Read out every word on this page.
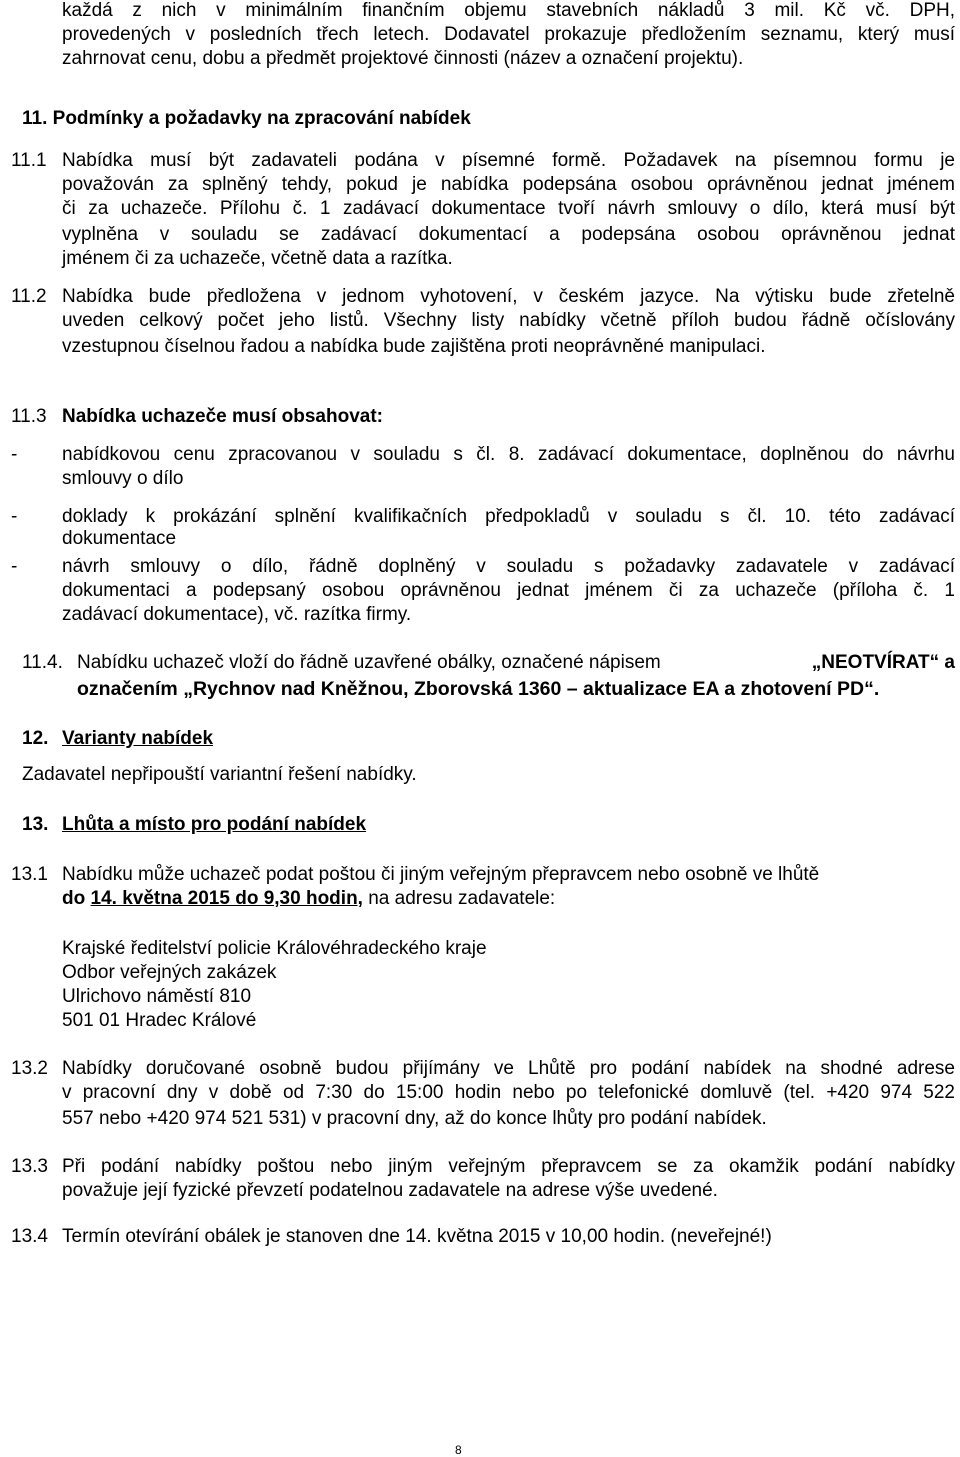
každá z nich v minimálním finančním objemu stavebních nákladů 3 mil. Kč vč. DPH,
provedených v posledních třech letech. Dodavatel prokazuje předložením seznamu, který musí
zahrnovat cenu, dobu a předmět projektové činnosti (název a označení projektu).
11. Podmínky a požadavky na zpracování nabídek
11.1 Nabídka musí být zadavateli podána v písemné formě. Požadavek na písemnou formu je
považován za splněný tehdy, pokud je nabídka podepsána osobou oprávněnou jednat jménem
či za uchazeče. Přílohu č. 1 zadávací dokumentace tvoří návrh smlouvy o dílo, která musí být
vyplněna v souladu se zadávací dokumentací a podepsána osobou oprávněnou jednat
jménem či za uchazeče, včetně data a razítka.
11.2 Nabídka bude předložena v jednom vyhotovení, v českém jazyce. Na výtisku bude zřetelně
uveden celkový počet jeho listů. Všechny listy nabídky včetně příloh budou řádně očíslovány
vzestupnou číselnou řadou a nabídka bude zajištěna proti neoprávněné manipulaci.
11.3 Nabídka uchazeče musí obsahovat:
- nabídkovou cenu zpracovanou v souladu s čl. 8. zadávací dokumentace, doplněnou do návrhu
smlouvy o dílo
- doklady k prokázání splnění kvalifikačních předpokladů v souladu s čl. 10. této zadávací
dokumentace
- návrh smlouvy o dílo, řádně doplněný v souladu s požadavky zadavatele v zadávací
dokumentaci a podepsaný osobou oprávněnou jednat jménem či za uchazeče (příloha č. 1
zadávací dokumentace), vč. razítka firmy.
11.4. Nabídku uchazeč vloží do řádně uzavřené obálky, označené nápisem	„NEOTVÍRAT“ a
označením „Rychnov nad Kněžnou, Zborovská 1360 – aktualizace EA a zhotovení PD“.
12. Varianty nabídek
Zadavatel nepřipouští variantní řešení nabídky.
13. Lhůta a místo pro podání nabídek
13.1 Nabídku může uchazeč podat poštou či jiným veřejným přepravcem nebo osobně ve lhůtě
do 14. května 2015 do 9,30 hodin, na adresu zadavatele:
Krajské ředitelství policie Královéhradeckého kraje
Odbor veřejných zakázek
Ulrichovo náměstí 810
501 01 Hradec Králové
13.2 Nabídky doručované osobně budou přijímány ve Lhůtě pro podání nabídek na shodné adrese
v pracovní dny v době od 7:30 do 15:00 hodin nebo po telefonické domluvě (tel. +420 974 522
557 nebo +420 974 521 531) v pracovní dny, až do konce lhůty pro podání nabídek.
13.3 Při podání nabídky poštou nebo jiným veřejným přepravcem se za okamžik podání nabídky
považuje její fyzické převzetí podatelnou zadavatele na adrese výše uvedené.
13.4 Termín otevírání obálek je stanoven dne 14. května 2015 v 10,00 hodin. (neveřejné!)
8
